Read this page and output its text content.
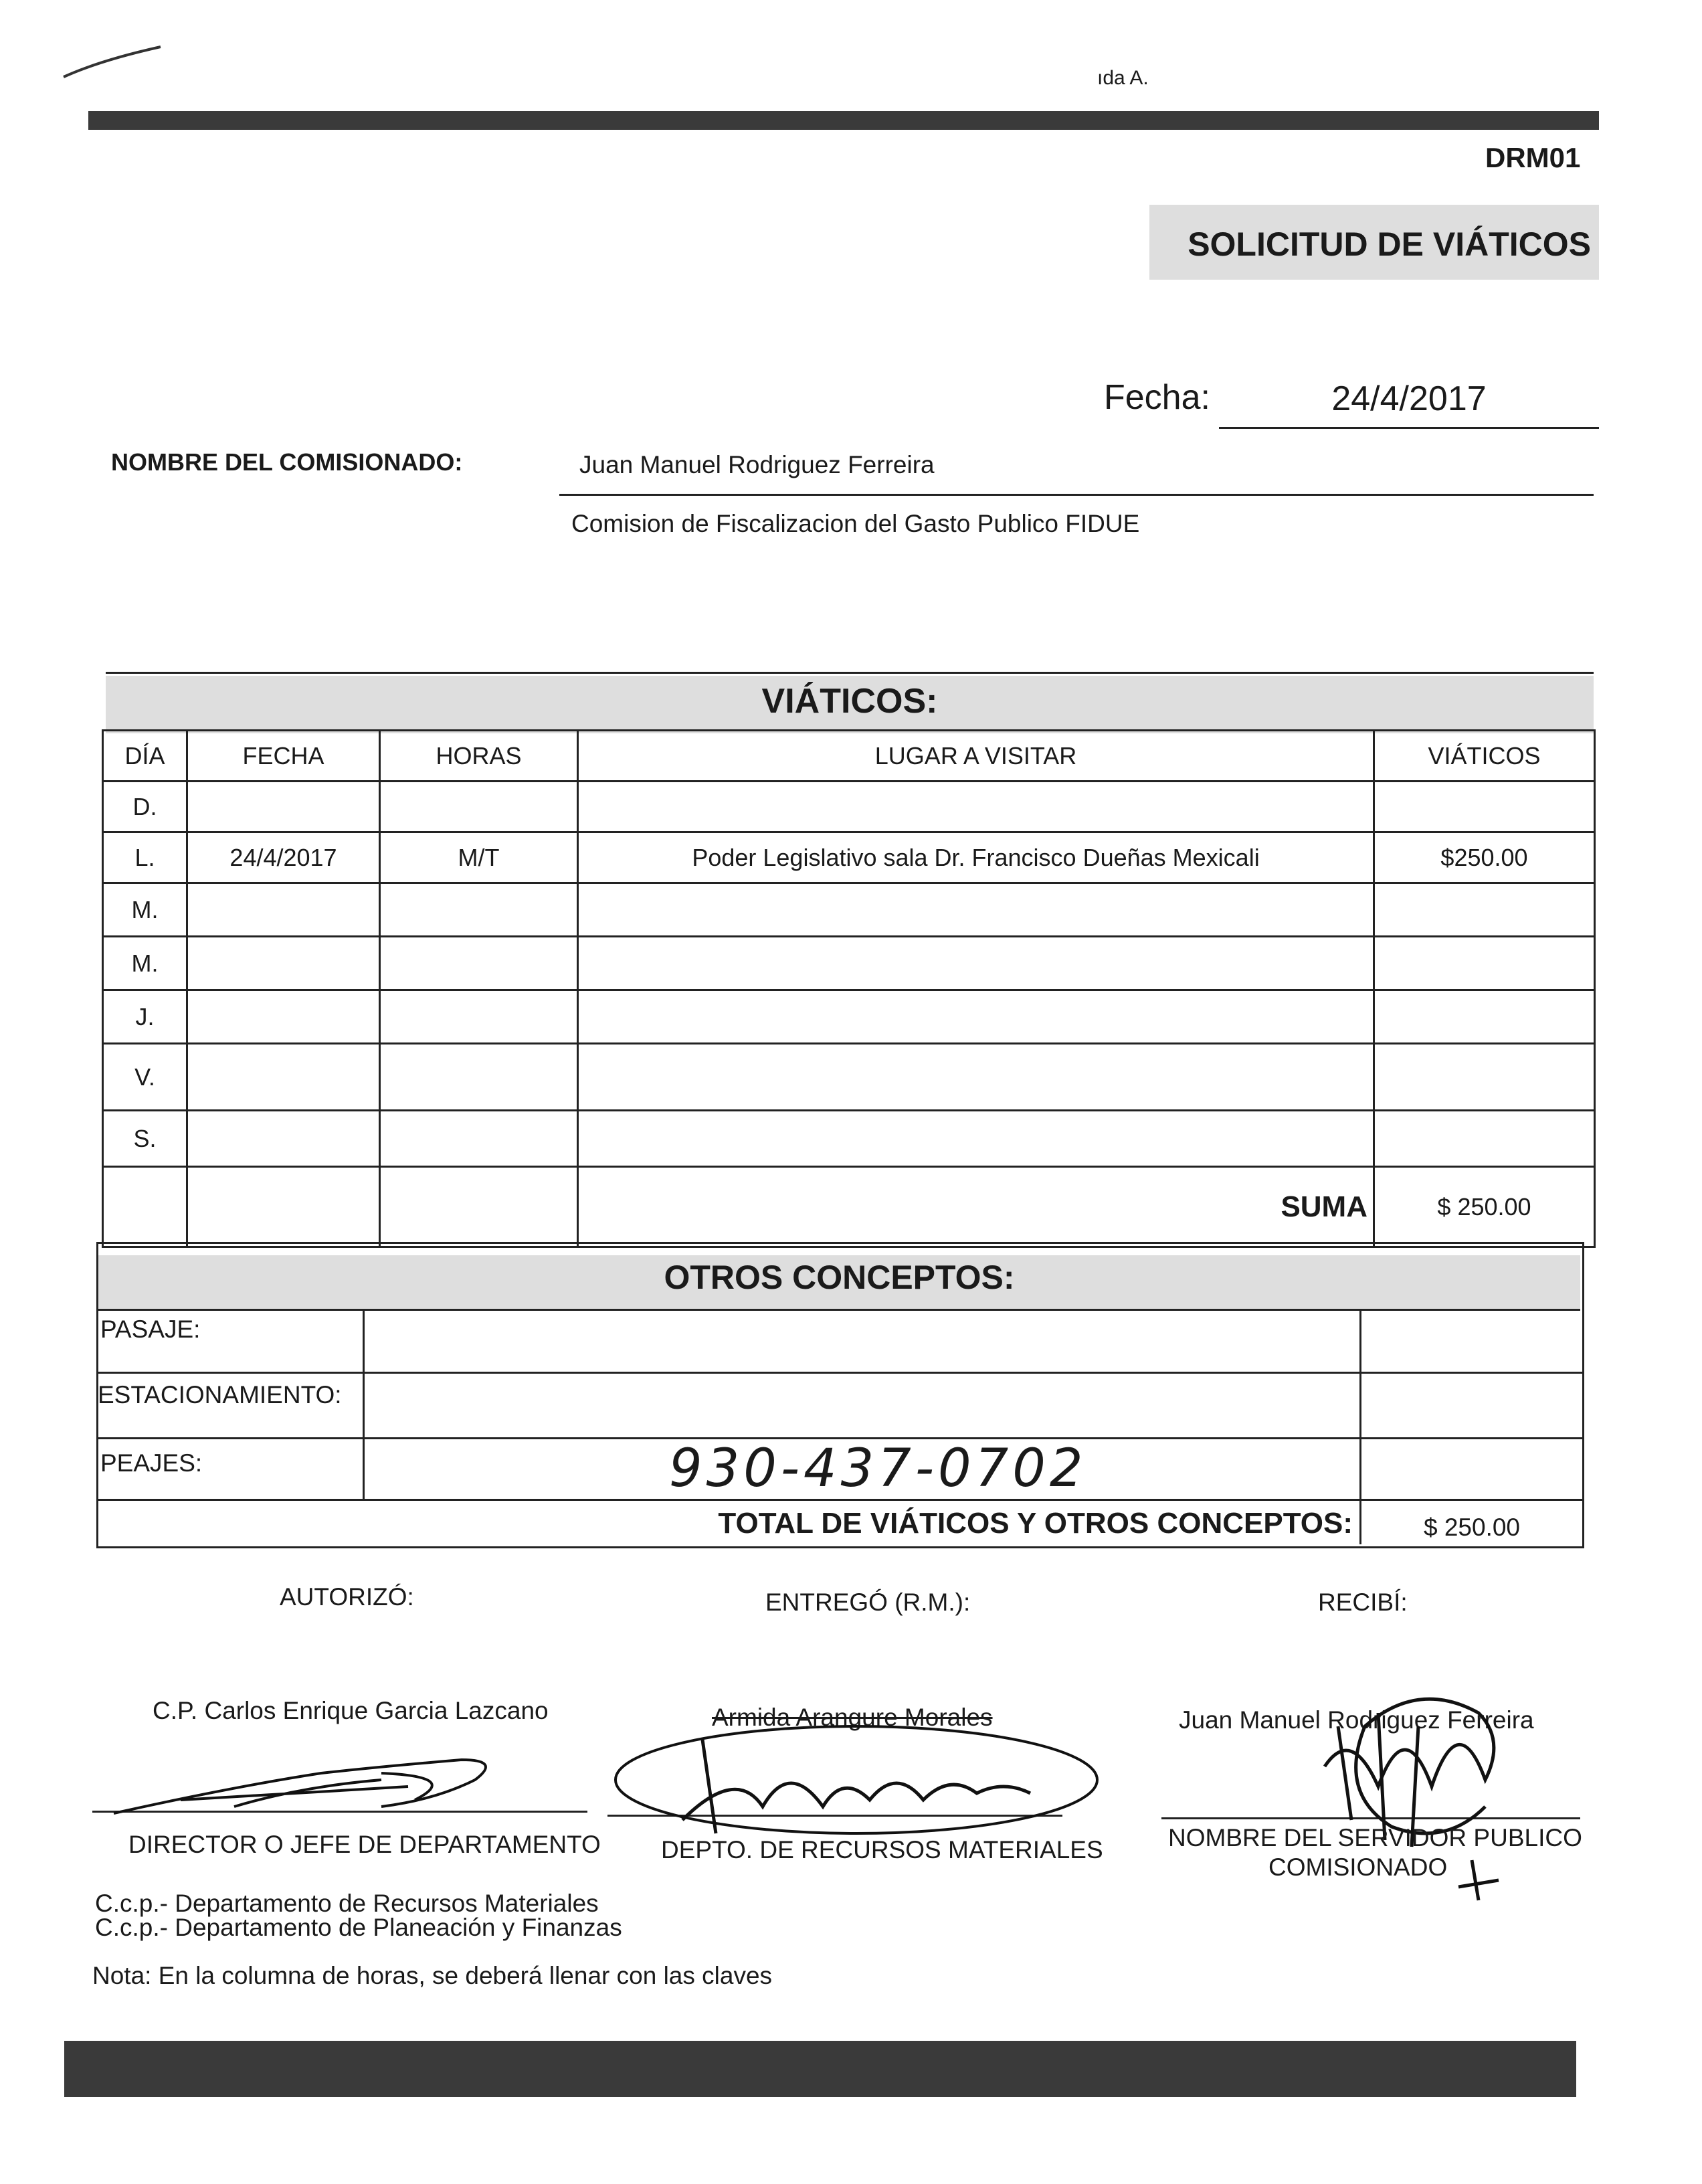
ıda A.
DRM01
SOLICITUD DE VIÁTICOS
Fecha:	24/4/2017
NOMBRE DEL COMISIONADO:	Juan Manuel Rodriguez Ferreira
Comision de Fiscalizacion del Gasto Publico FIDUE
VIÁTICOS:
DÍA	FECHA	HORAS	LUGAR A VISITAR	VIÁTICOS
D.				
L.	24/4/2017	M/T	Poder Legislativo sala Dr. Francisco Dueñas Mexicali	$250.00
M.				
M.				
J.				
V.				
S.				
			SUMA	$ 250.00
OTROS CONCEPTOS:
PASAJE:
ESTACIONAMIENTO:
PEAJES:	930-437-0702
TOTAL DE VIÁTICOS Y OTROS CONCEPTOS:	$ 250.00
AUTORIZÓ:	ENTREGÓ (R.M.):	RECIBÍ:
C.P. Carlos Enrique Garcia Lazcano	Armida Arangure Morales	Juan Manuel Rodriguez Ferreira
DIRECTOR O JEFE DE DEPARTAMENTO DEPTO. DE RECURSOS MATERIALES	NOMBRE DEL SERVIDOR PUBLICO
COMISIONADO
C.c.p.- Departamento de Recursos Materiales
C.c.p.- Departamento de Planeación y Finanzas
Nota: En la columna de horas, se deberá llenar con las claves
